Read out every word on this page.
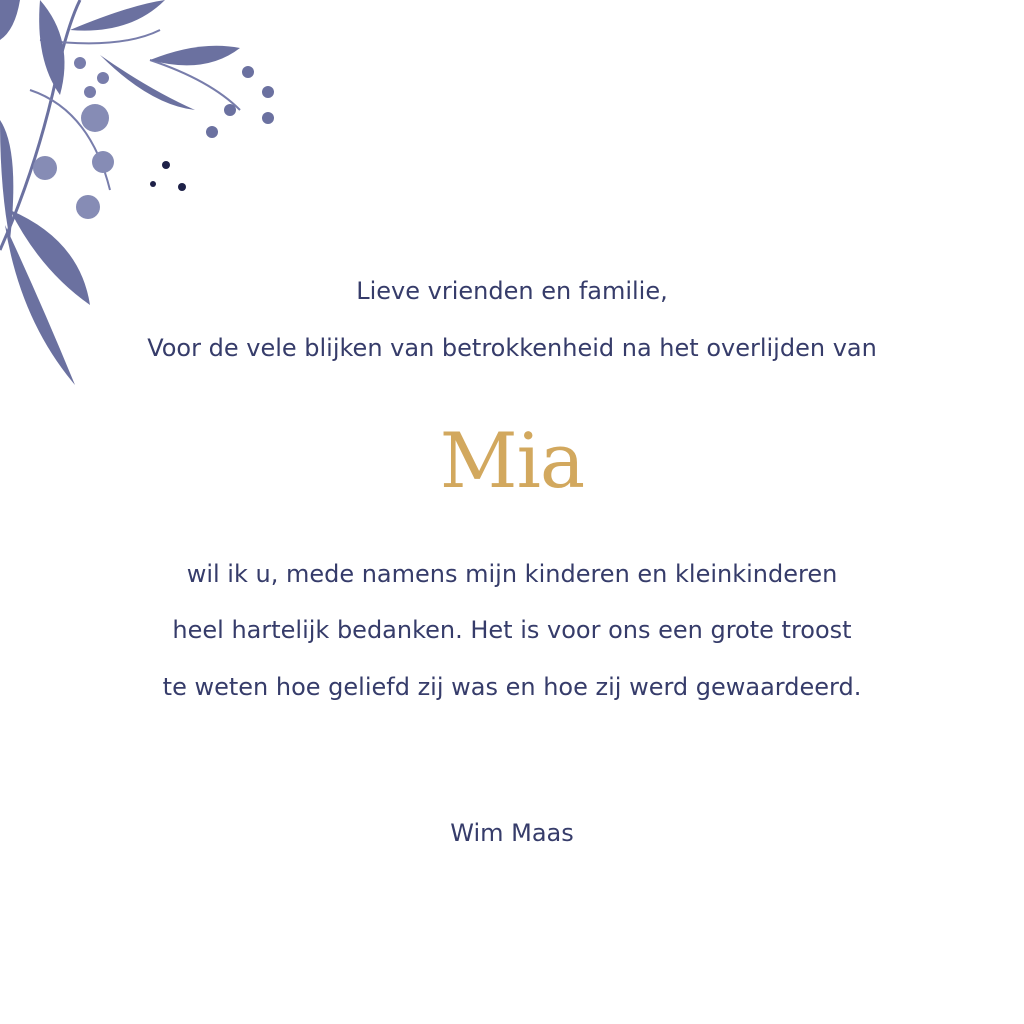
Lieve vrienden en familie,
Voor de vele blijken van betrokkenheid na het overlijden van
Mia
wil ik u, mede namens mijn kinderen en kleinkinderen
heel hartelijk bedanken. Het is voor ons een grote troost
te weten hoe geliefd zij was en hoe zij werd gewaardeerd.
Wim Maas
